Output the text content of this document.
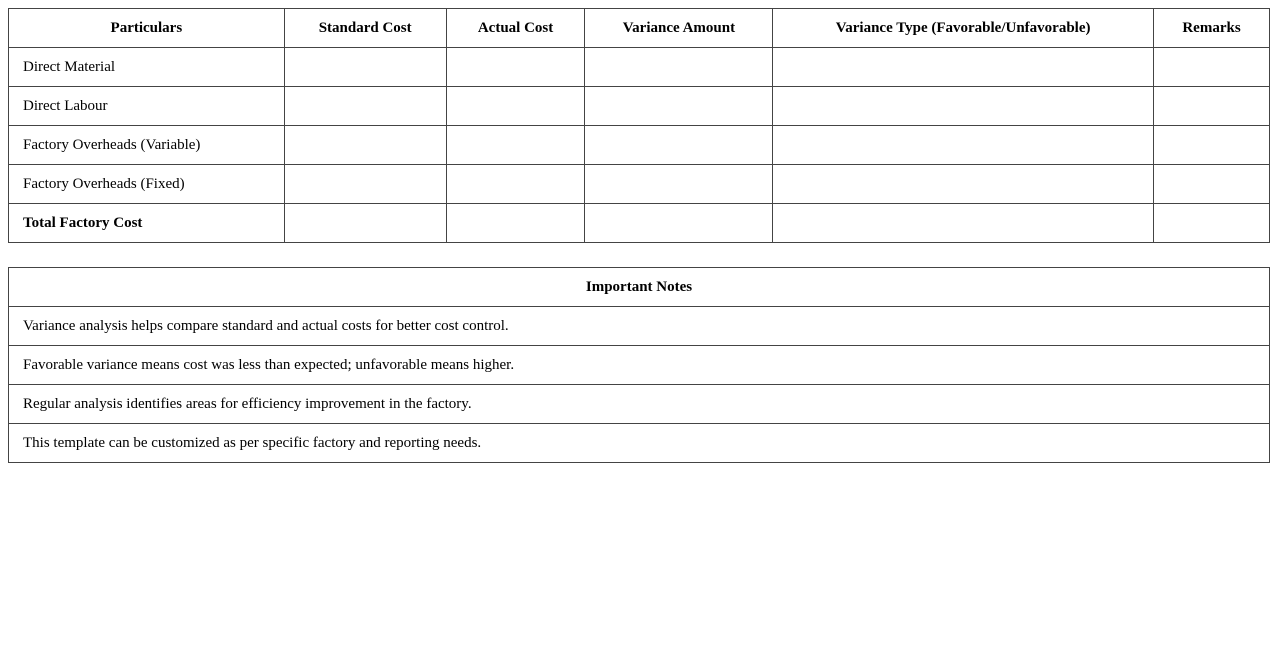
Particulars	Standard Cost	Actual Cost	Variance Amount	Variance Type (Favorable/Unfavorable)	Remarks
Direct Material					
Direct Labour					
Factory Overheads (Variable)					
Factory Overheads (Fixed)					
Total Factory Cost					
Important Notes
Variance analysis helps compare standard and actual costs for better cost control.
Favorable variance means cost was less than expected; unfavorable means higher.
Regular analysis identifies areas for efficiency improvement in the factory.
This template can be customized as per specific factory and reporting needs.
